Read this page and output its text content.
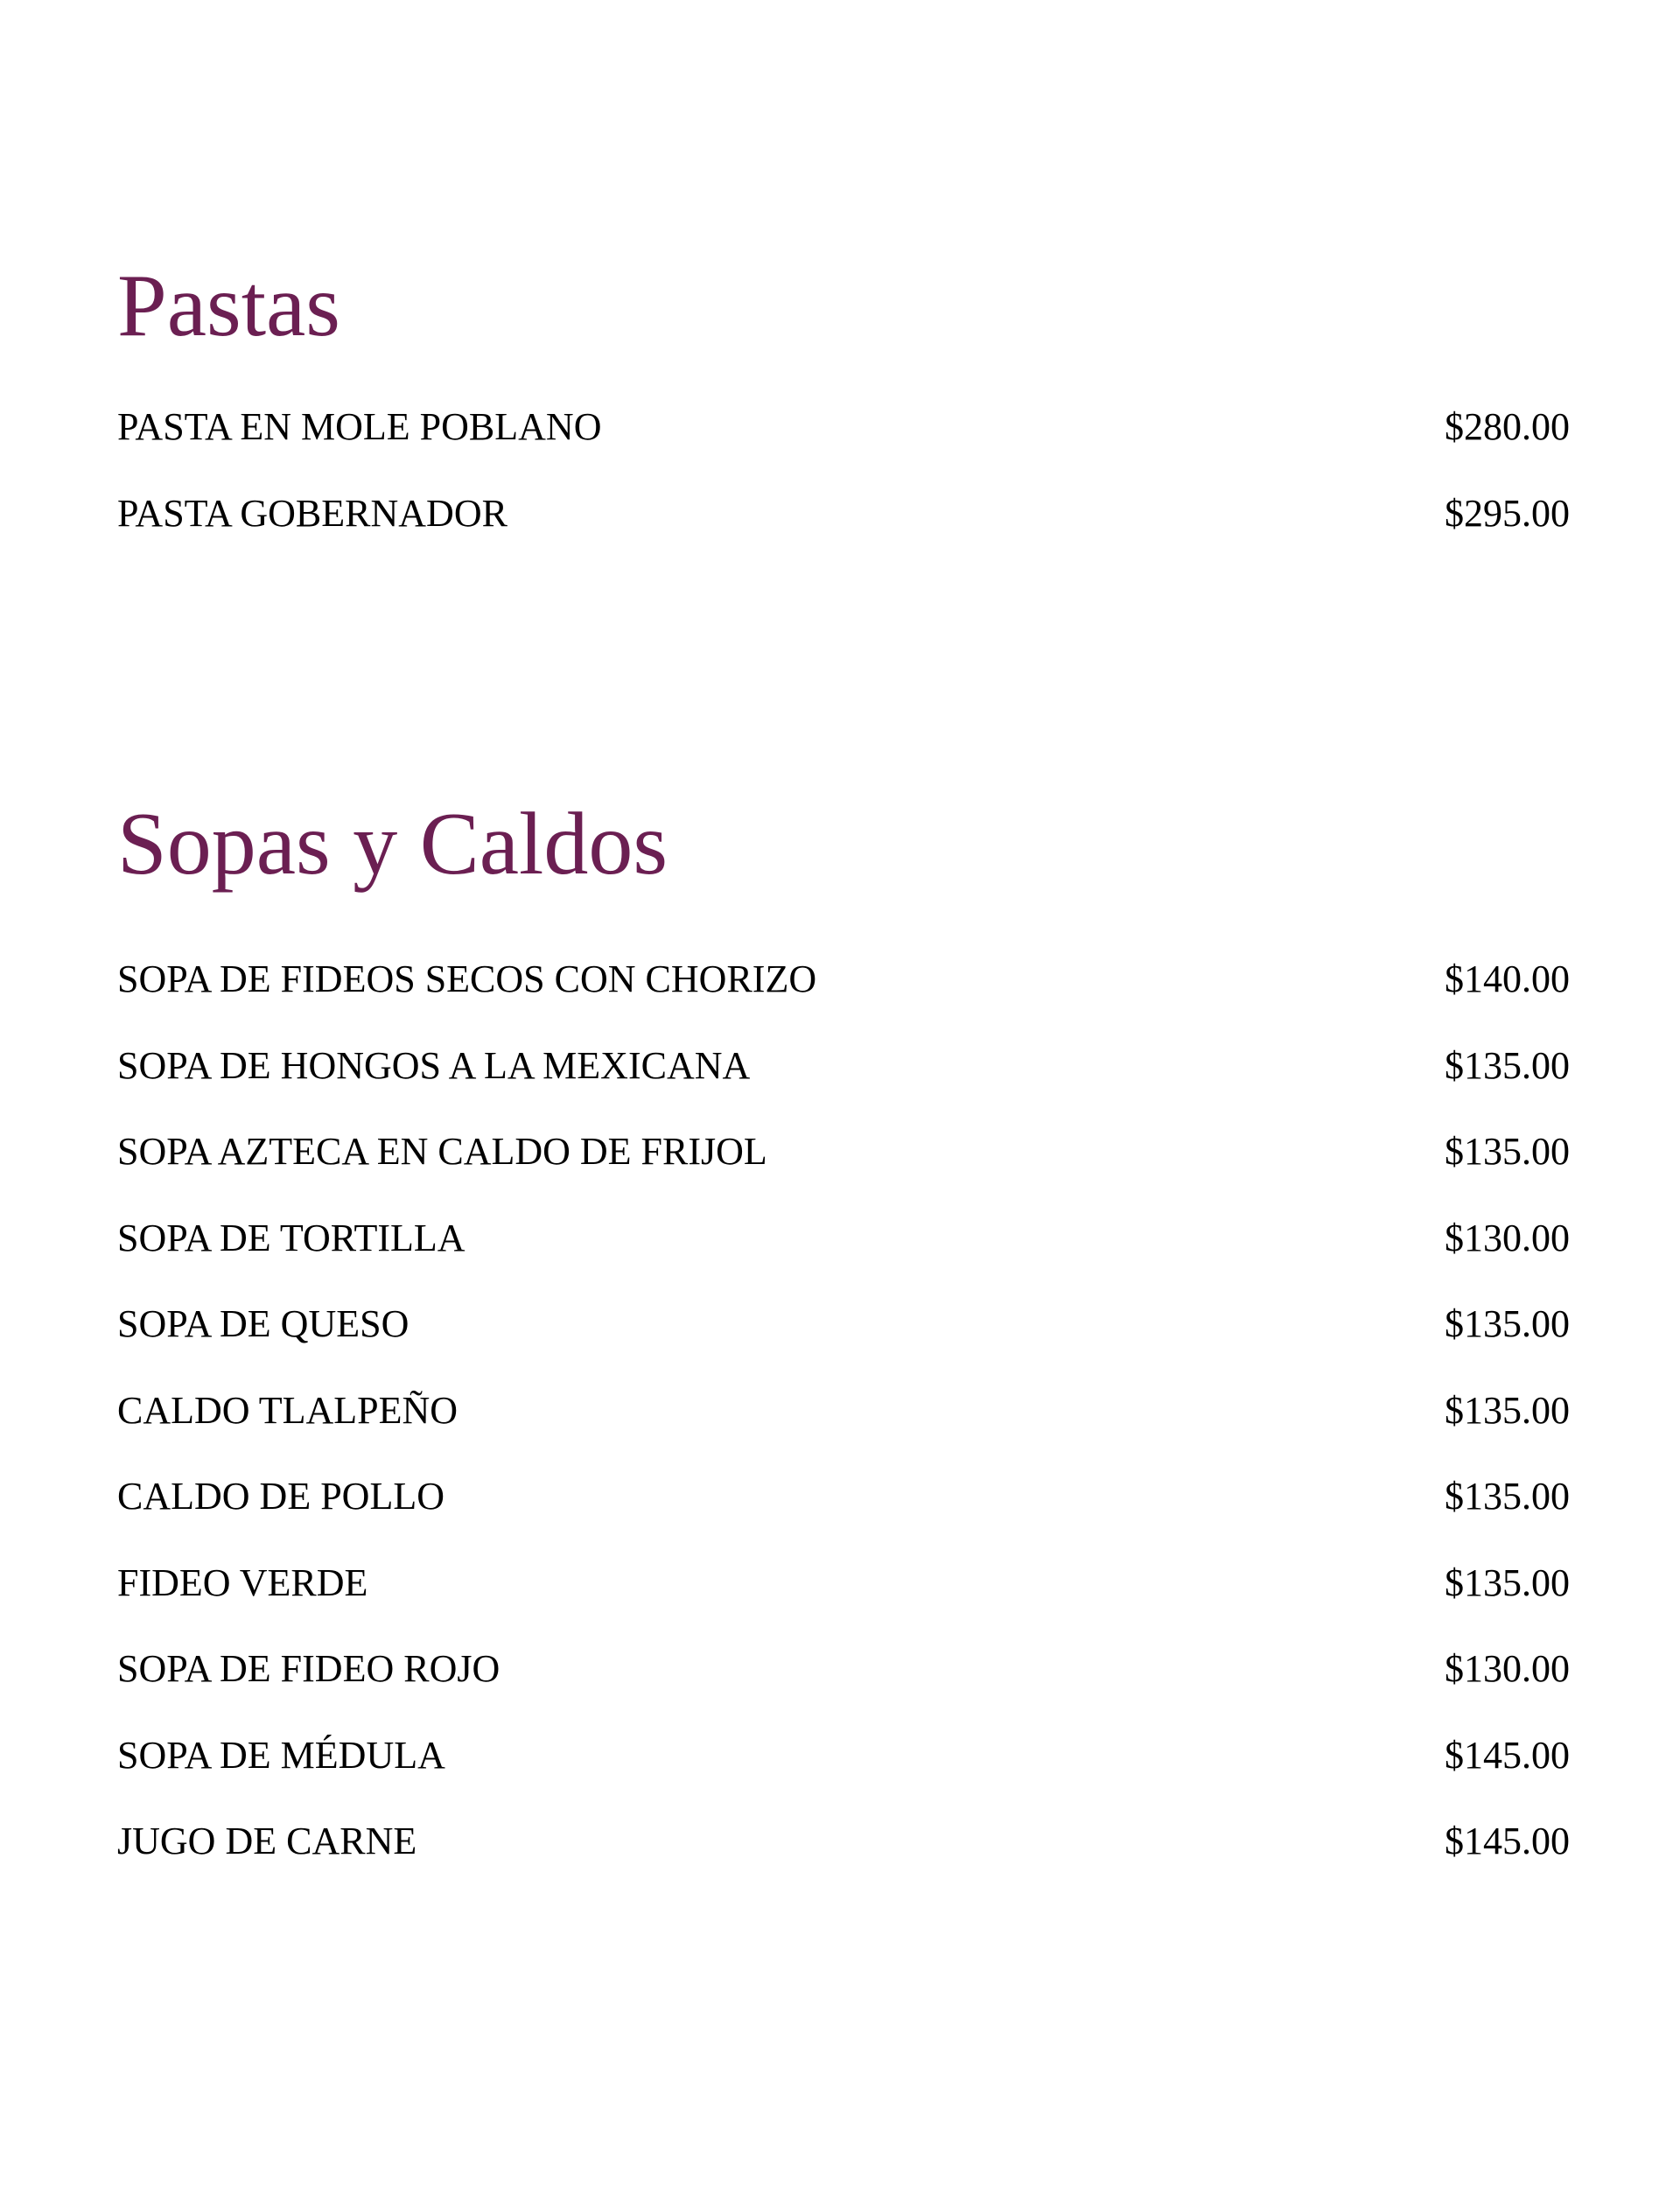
Pastas
PASTA EN MOLE POBLANO	$280.00
PASTA GOBERNADOR	$295.00
Sopas y Caldos
SOPA DE FIDEOS SECOS CON CHORIZO	$140.00
SOPA DE HONGOS A LA MEXICANA	$135.00
SOPA AZTECA EN CALDO DE FRIJOL	$135.00
SOPA DE TORTILLA	$130.00
SOPA DE QUESO	$135.00
CALDO TLALPEÑO	$135.00
CALDO DE POLLO	$135.00
FIDEO VERDE	$135.00
SOPA DE FIDEO ROJO	$130.00
SOPA DE MÉDULA	$145.00
JUGO DE CARNE	$145.00
